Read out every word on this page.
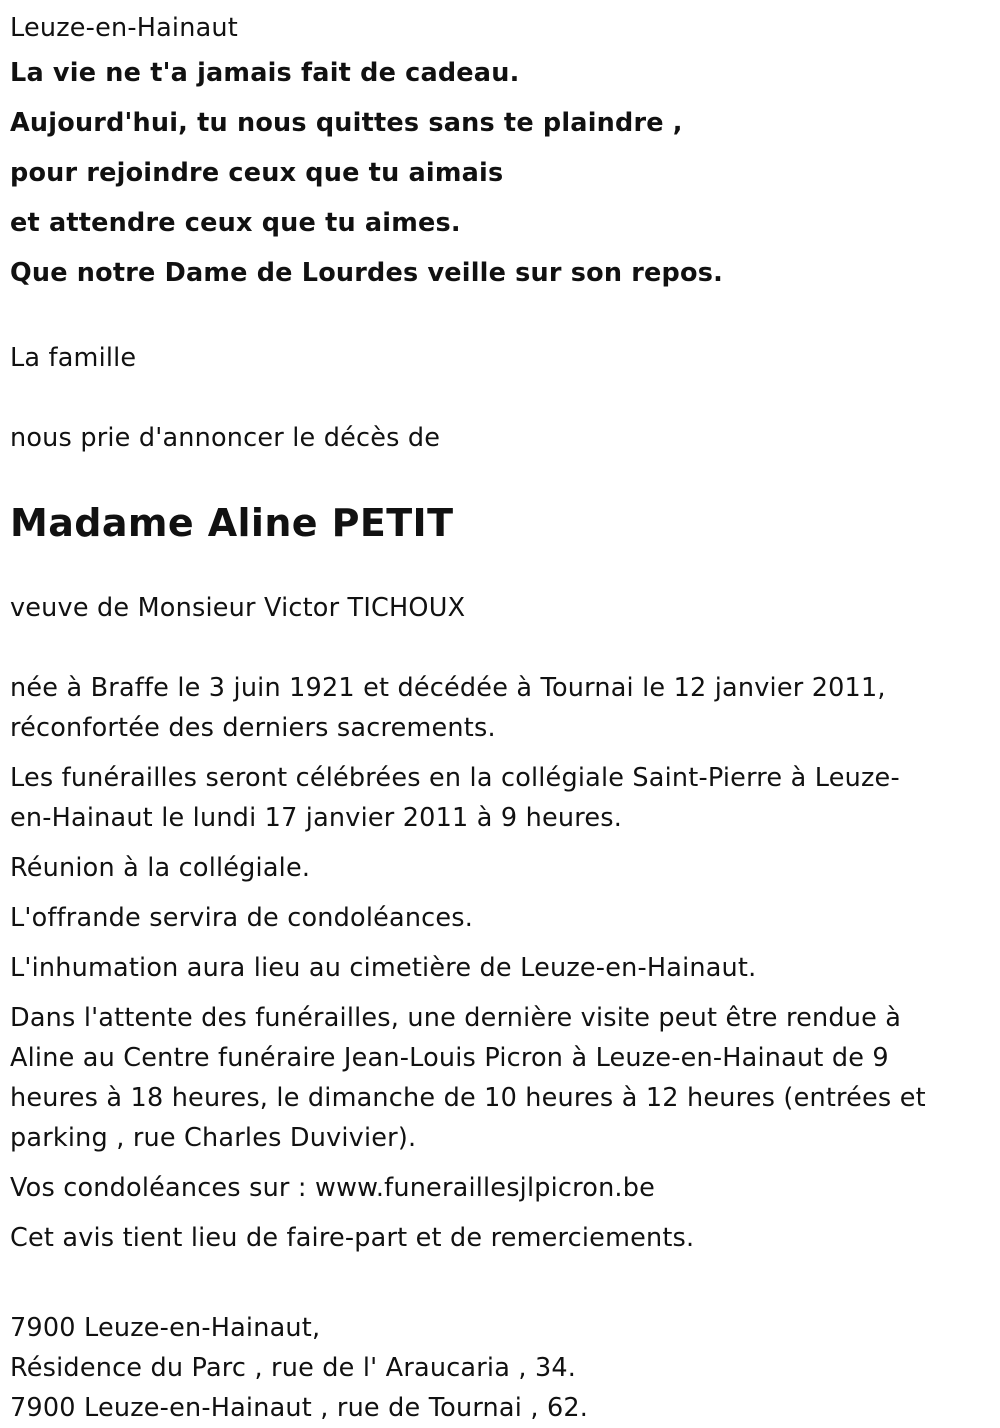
Leuze-en-Hainaut

La vie ne t'a jamais fait de cadeau.

Aujourd'hui, tu nous quittes sans te plaindre ,

pour rejoindre ceux que tu aimais

et attendre ceux que tu aimes.

Que notre Dame de Lourdes veille sur son repos.

La famille

nous prie d'annoncer le décès de

Madame Aline PETIT

veuve de Monsieur Victor TICHOUX

née à Braffe le 3 juin 1921 et décédée à Tournai le 12 janvier 2011,

réconfortée des derniers sacrements.

Les funérailles seront célébrées en la collégiale Saint-Pierre à Leuze-

en-Hainaut le lundi 17 janvier 2011 à 9 heures.

Réunion à la collégiale.

L'offrande servira de condoléances.

L'inhumation aura lieu au cimetière de Leuze-en-Hainaut.

Dans l'attente des funérailles, une dernière visite peut être rendue à

Aline au Centre funéraire Jean-Louis Picron à Leuze-en-Hainaut de 9

heures à 18 heures, le dimanche de 10 heures à 12 heures (entrées et

parking , rue Charles Duvivier).

Vos condoléances sur : www.funeraillesjlpicron.be

Cet avis tient lieu de faire-part et de remerciements.

7900 Leuze-en-Hainaut,

Résidence du Parc , rue de l' Araucaria , 34.

7900 Leuze-en-Hainaut , rue de Tournai , 62.
